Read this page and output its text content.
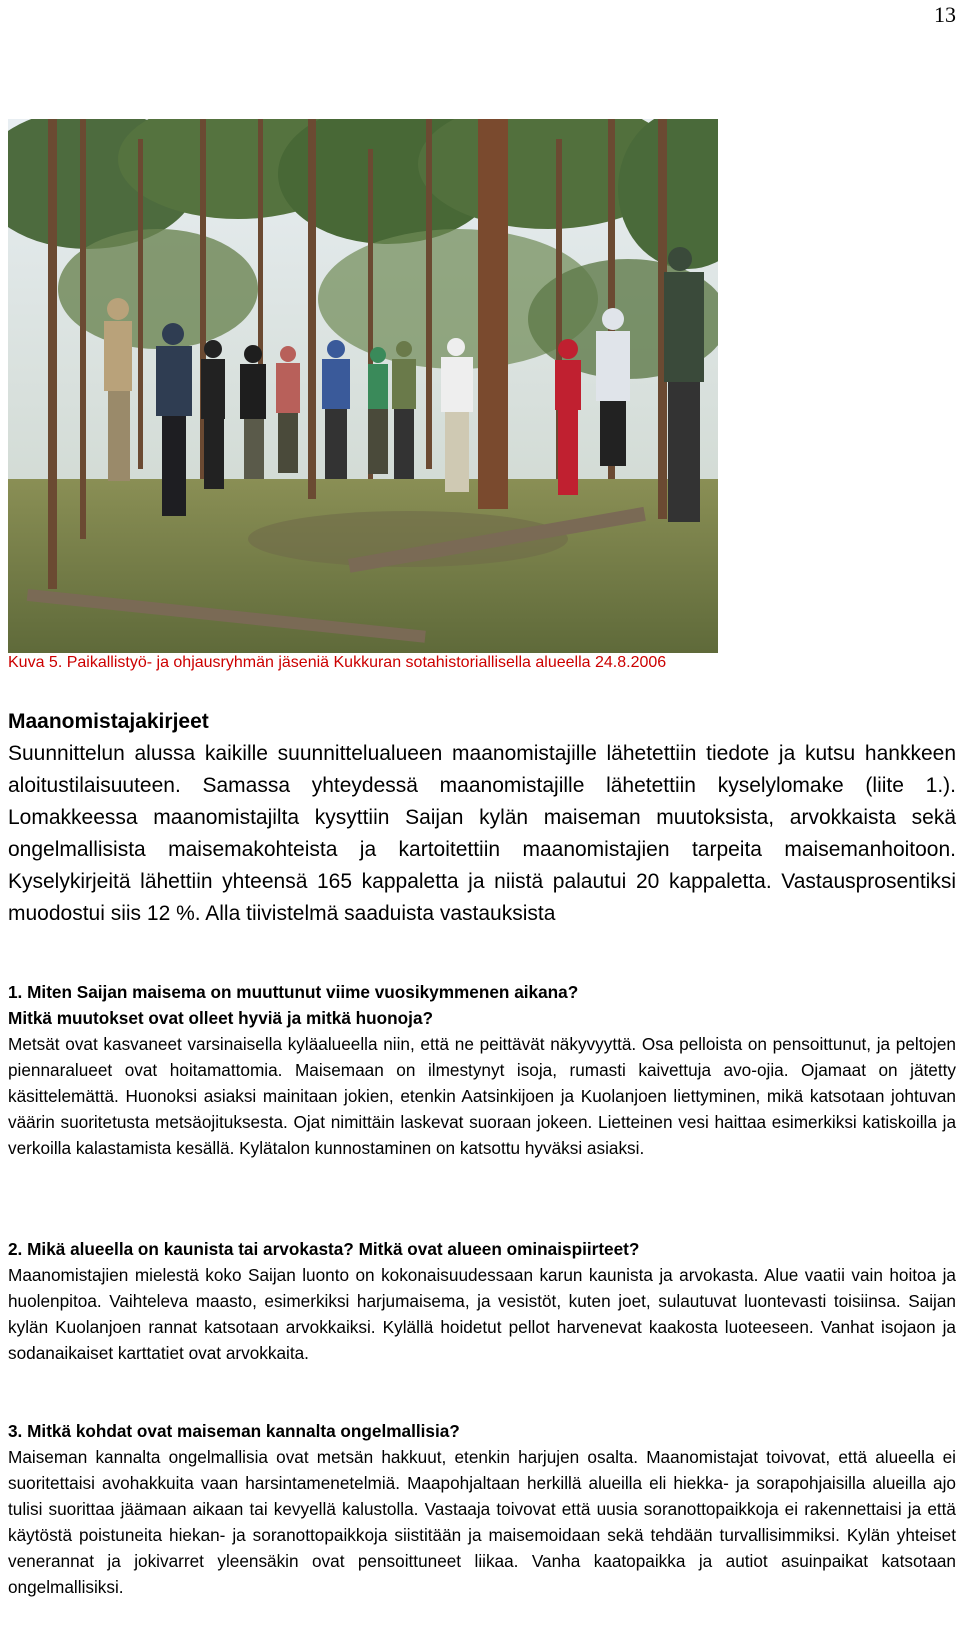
13
Kuva 5. Paikallistyö- ja ohjausryhmän jäseniä Kukkuran sotahistoriallisella alueella 24.8.2006
Maanomistajakirjeet

Suunnittelun alussa kaikille suunnittelualueen maanomistajille lähetettiin tiedote ja kutsu hankkeen aloitustilaisuuteen. Samassa yhteydessä maanomistajille lähetettiin kyselylomake (liite 1.). Lomakkeessa maanomistajilta kysyttiin Saijan kylän maiseman muutoksista, arvokkaista sekä ongelmallisista maisemakohteista ja kartoitettiin maanomistajien tarpeita maisemanhoitoon. Kyselykirjeitä lähettiin yhteensä 165 kappaletta ja niistä palautui 20 kappaletta. Vastausprosentiksi muodostui siis 12 %. Alla tiivistelmä saaduista vastauksista

1. Miten Saijan maisema on muuttunut viime vuosikymmenen aikana?

Mitkä muutokset ovat olleet hyviä ja mitkä huonoja?

Metsät ovat kasvaneet varsinaisella kyläalueella niin, että ne peittävät näkyvyyttä. Osa pelloista on pensoittunut, ja peltojen piennaralueet ovat hoitamattomia. Maisemaan on ilmestynyt isoja, rumasti kaivettuja avo-ojia. Ojamaat on jätetty käsittelemättä. Huonoksi asiaksi mainitaan jokien, etenkin Aatsinkijoen ja Kuolanjoen liettyminen, mikä katsotaan johtuvan väärin suoritetusta metsäojituksesta. Ojat nimittäin laskevat suoraan jokeen. Lietteinen vesi haittaa esimerkiksi katiskoilla ja verkoilla kalastamista kesällä. Kylätalon kunnostaminen on katsottu hyväksi asiaksi.

2. Mikä alueella on kaunista tai arvokasta? Mitkä ovat alueen ominaispiirteet?

Maanomistajien mielestä koko Saijan luonto on kokonaisuudessaan karun kaunista ja arvokasta. Alue vaatii vain hoitoa ja huolenpitoa. Vaihteleva maasto, esimerkiksi harjumaisema, ja vesistöt, kuten joet, sulautuvat luontevasti toisiinsa. Saijan kylän Kuolanjoen rannat katsotaan arvokkaiksi. Kylällä hoidetut pellot harvenevat kaakosta luoteeseen. Vanhat isojaon ja sodanaikaiset karttatiet ovat arvokkaita.

3. Mitkä kohdat ovat maiseman kannalta ongelmallisia?

Maiseman kannalta ongelmallisia ovat metsän hakkuut, etenkin harjujen osalta. Maanomistajat toivovat, että alueella ei suoritettaisi avohakkuita vaan harsintamenetelmiä. Maapohjaltaan herkillä alueilla eli hiekka- ja sorapohjaisilla alueilla ajo tulisi suorittaa jäämaan aikaan tai kevyellä kalustolla. Vastaaja toivovat että uusia soranottopaikkoja ei rakennettaisi ja että käytöstä poistuneita hiekan- ja soranottopaikkoja siistitään ja maisemoidaan sekä tehdään turvallisimmiksi. Kylän yhteiset venerannat ja jokivarret yleensäkin ovat pensoittuneet liikaa. Vanha kaatopaikka ja autiot asuinpaikat katsotaan ongelmallisiksi.
